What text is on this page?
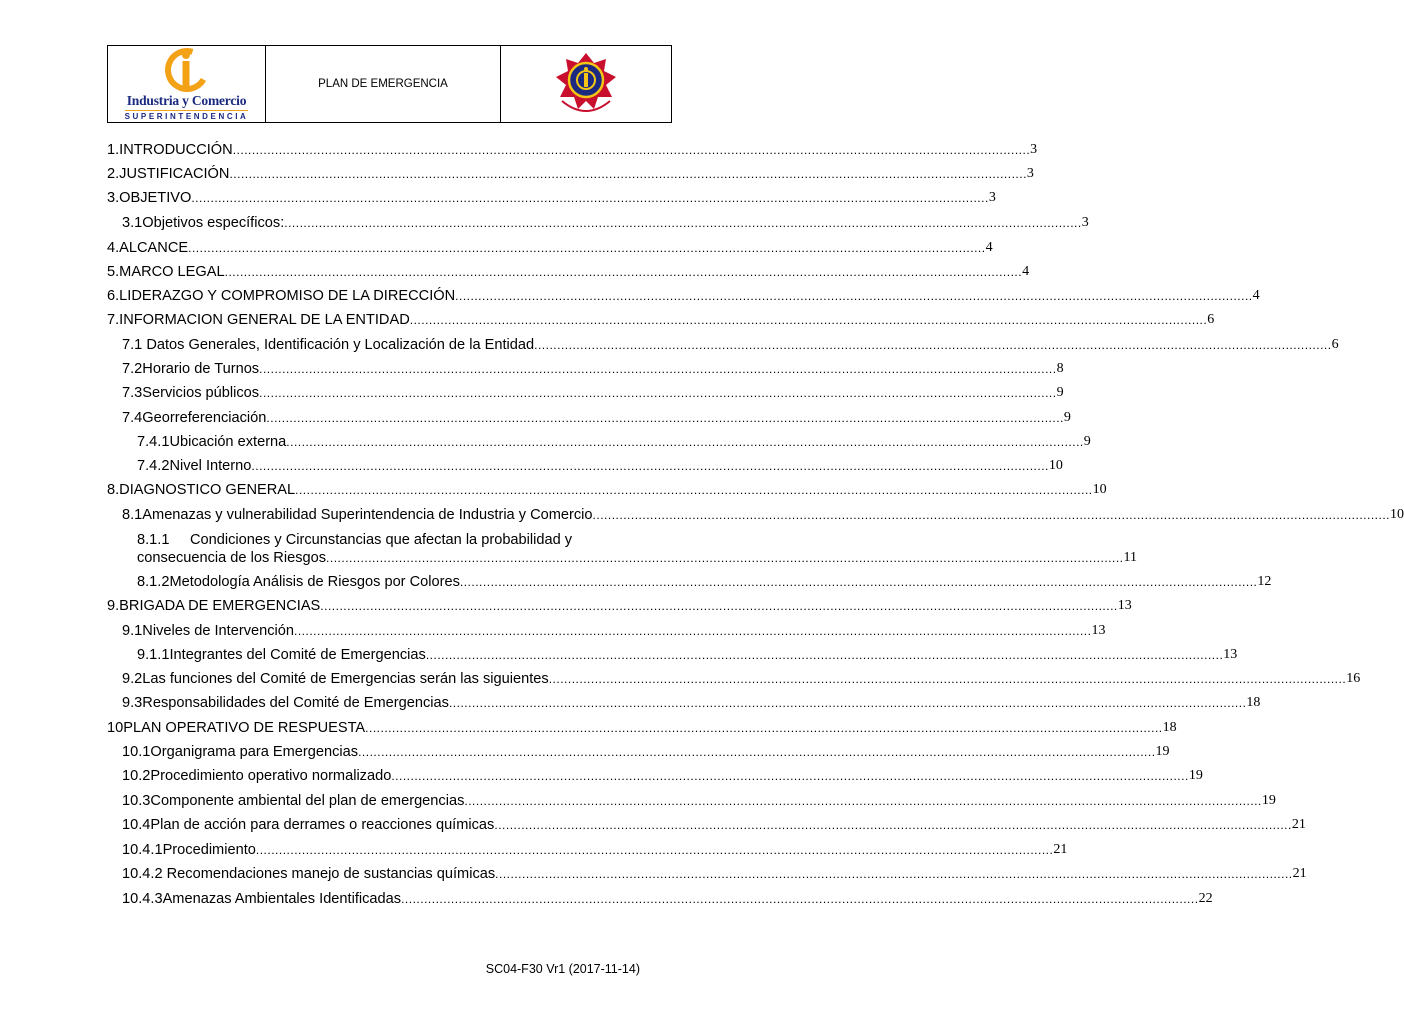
Industria y Comercio
SUPERINTENDENCIA
PLAN DE EMERGENCIA
1. INTRODUCCIÓN .....	3
2. JUSTIFICACIÓN .....	3
3. OBJETIVO .....	3
3.1 Objetivos específicos: .....	3
4. ALCANCE .....	4
5. MARCO LEGAL .....	4
6. LIDERAZGO Y COMPROMISO DE LA DIRECCIÓN .....	4
7. INFORMACION GENERAL DE LA ENTIDAD .....	6
7.1 Datos Generales, Identificación y Localización de la Entidad .....	6
7.2 Horario de Turnos .....	8
7.3 Servicios públicos .....	9
7.4 Georreferenciación .....	9
7.4.1 Ubicación externa .....	9
7.4.2 Nivel Interno .....	10
8. DIAGNOSTICO GENERAL .....	10
8.1 Amenazas y vulnerabilidad Superintendencia de Industria y Comercio .....	10
8.1.1	Condiciones y Circunstancias que afectan la probabilidad y
consecuencia de los Riesgos .....	11
8.1.2 Metodología Análisis de Riesgos por Colores .....	12
9. BRIGADA DE EMERGENCIAS .....	13
9.1 Niveles de Intervención .....	13
9.1.1 Integrantes del Comité de Emergencias .....	13
9.2 Las funciones del Comité de Emergencias serán las siguientes .....	16
9.3 Responsabilidades del Comité de Emergencias .....	18
10 PLAN OPERATIVO DE RESPUESTA .....	18
10.1 Organigrama para Emergencias .....	19
10.2 Procedimiento operativo normalizado .....	19
10.3 Componente ambiental del plan de emergencias .....	19
10.4 Plan de acción para derrames o reacciones químicas .....	21
10.4.1 Procedimiento .....	21
10.4.2 Recomendaciones manejo de sustancias químicas .....	21
10.4.3 Amenazas Ambientales Identificadas .....	22
SC04-F30 Vr1 (2017-11-14)
